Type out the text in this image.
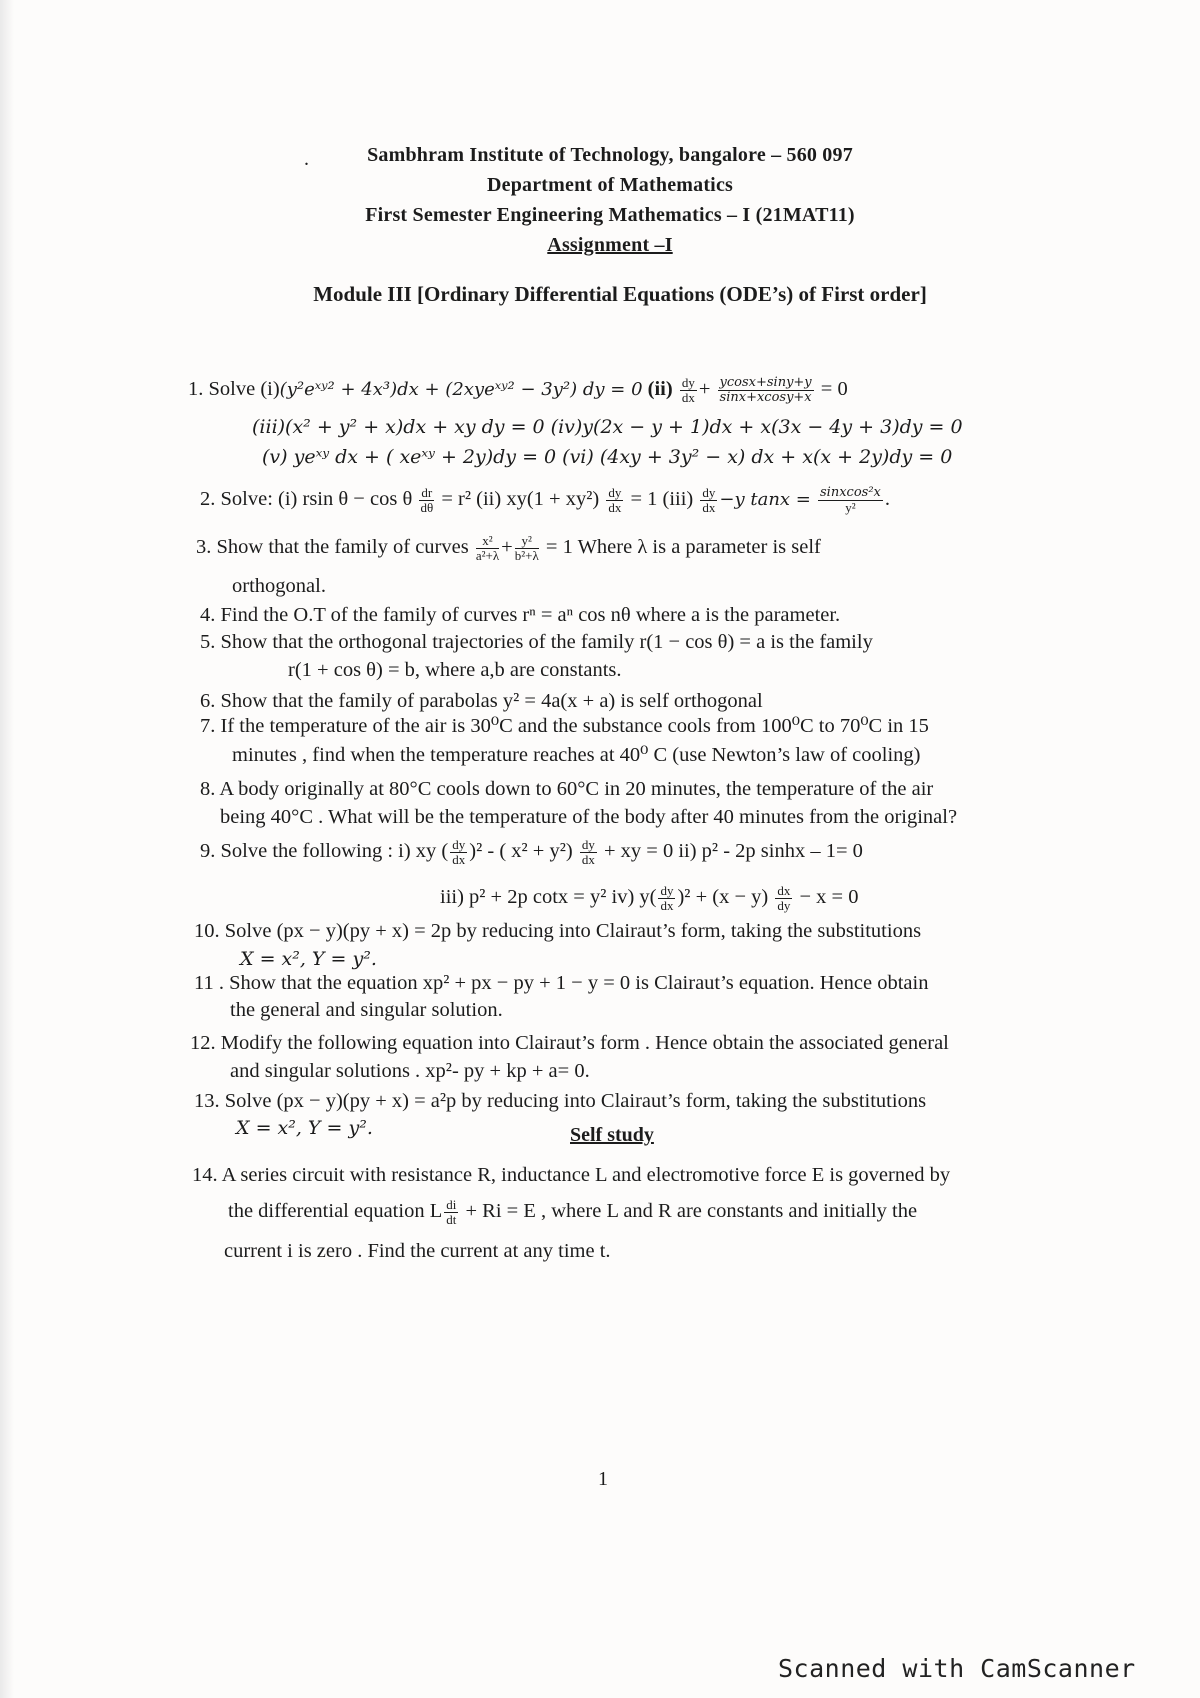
.	Sambhram Institute of Technology, bangalore – 560 097
Department of Mathematics
First Semester Engineering Mathematics – I (21MAT11)
Assignment –I
Module III [Ordinary Differential Equations (ODE’s) of First order]
1. Solve (i)(y²eˣʸ² + 4x³)dx + (2xyeˣʸ² − 3y²) dy = 0 $(ii) \frac{dy}{dx} + \frac{ycosx+\sin y+y}{\sin x+xcosy+x} = 0$
(iii)(x² + y² + x)dx + xy dy = 0 (iv)y(2x − y + 1)dx + x(3x − 4y + 3)dy = 0
(v) yeˣʸ dx + ( xeˣʸ + 2y)dy = 0 (vi) (4xy + 3y² − x) dx + x(x + 2y)dy = 0
2. Solve: (i) rsin θ − cos θ $\frac{dr}{d\theta} = r^2$ (ii) $xy(1 + xy^2) \frac{dy}{dx} = 1$ $(iii) \frac{dy}{dx} -y$ $\tan x = \frac{\text{sinxcos²x}}{\text{y²}}$ .
3. Show that the family of curves $\frac{\text{x²}}{\text{a²+λ}} + \frac{\text{y²}}{\text{b²+λ}} = 1$ Where λ is a parameter is self
orthogonal.
4. Find the O.T of the family of curves rⁿ = aⁿ cos nθ where a is the parameter.
5. Show that the orthogonal trajectories of the family r(1 − cos θ) = a is the family
r(1 + cos θ) = b, where a,b are constants.
6. Show that the family of parabolas y² = 4a(x + a) is self orthogonal
7. If the temperature of the air is 30⁰C and the substance cools from 100⁰C to 70⁰C in 15
minutes , find when the temperature reaches at 40⁰ C (use Newton’s law of cooling)
8. A body originally at 80°C cools down to 60°C in 20 minutes, the temperature of the air
being 40°C . What will be the temperature of the body after 40 minutes from the original?
9. Solve the following : i) xy ( $\frac{dy}{dx} )^2$ - ( $x^2 + y^2) \frac{dy}{dx}$ + xy = 0 ii) p² - 2p sinhx – 1= 0
iii) p² + 2p cotx = y² iv) $y( \frac{dy}{dx} )^2 + (x - y) \frac{dx}{dy} - x = 0$
10. Solve (px − y)(py + x) = 2p by reducing into Clairaut’s form, taking the substitutions
X = x², Y = y².
11 . Show that the equation xp² + px − py + 1 − y = 0 is Clairaut’s equation. Hence obtain
the general and singular solution.
12. Modify the following equation into Clairaut’s form . Hence obtain the associated general
and singular solutions . xp²- py + kp + a= 0.
13. Solve (px − y)(py + x) = a²p by reducing into Clairaut’s form, taking the substitutions
X = x², Y = y².	Self study
14. A series circuit with resistance R, inductance L and electromotive force E is governed by
the differential equation L $\frac{di}{dt} + Ri = E$ , where L and R are constants and initially the
current i is zero . Find the current at any time t.
1
Scanned with CamScanner
